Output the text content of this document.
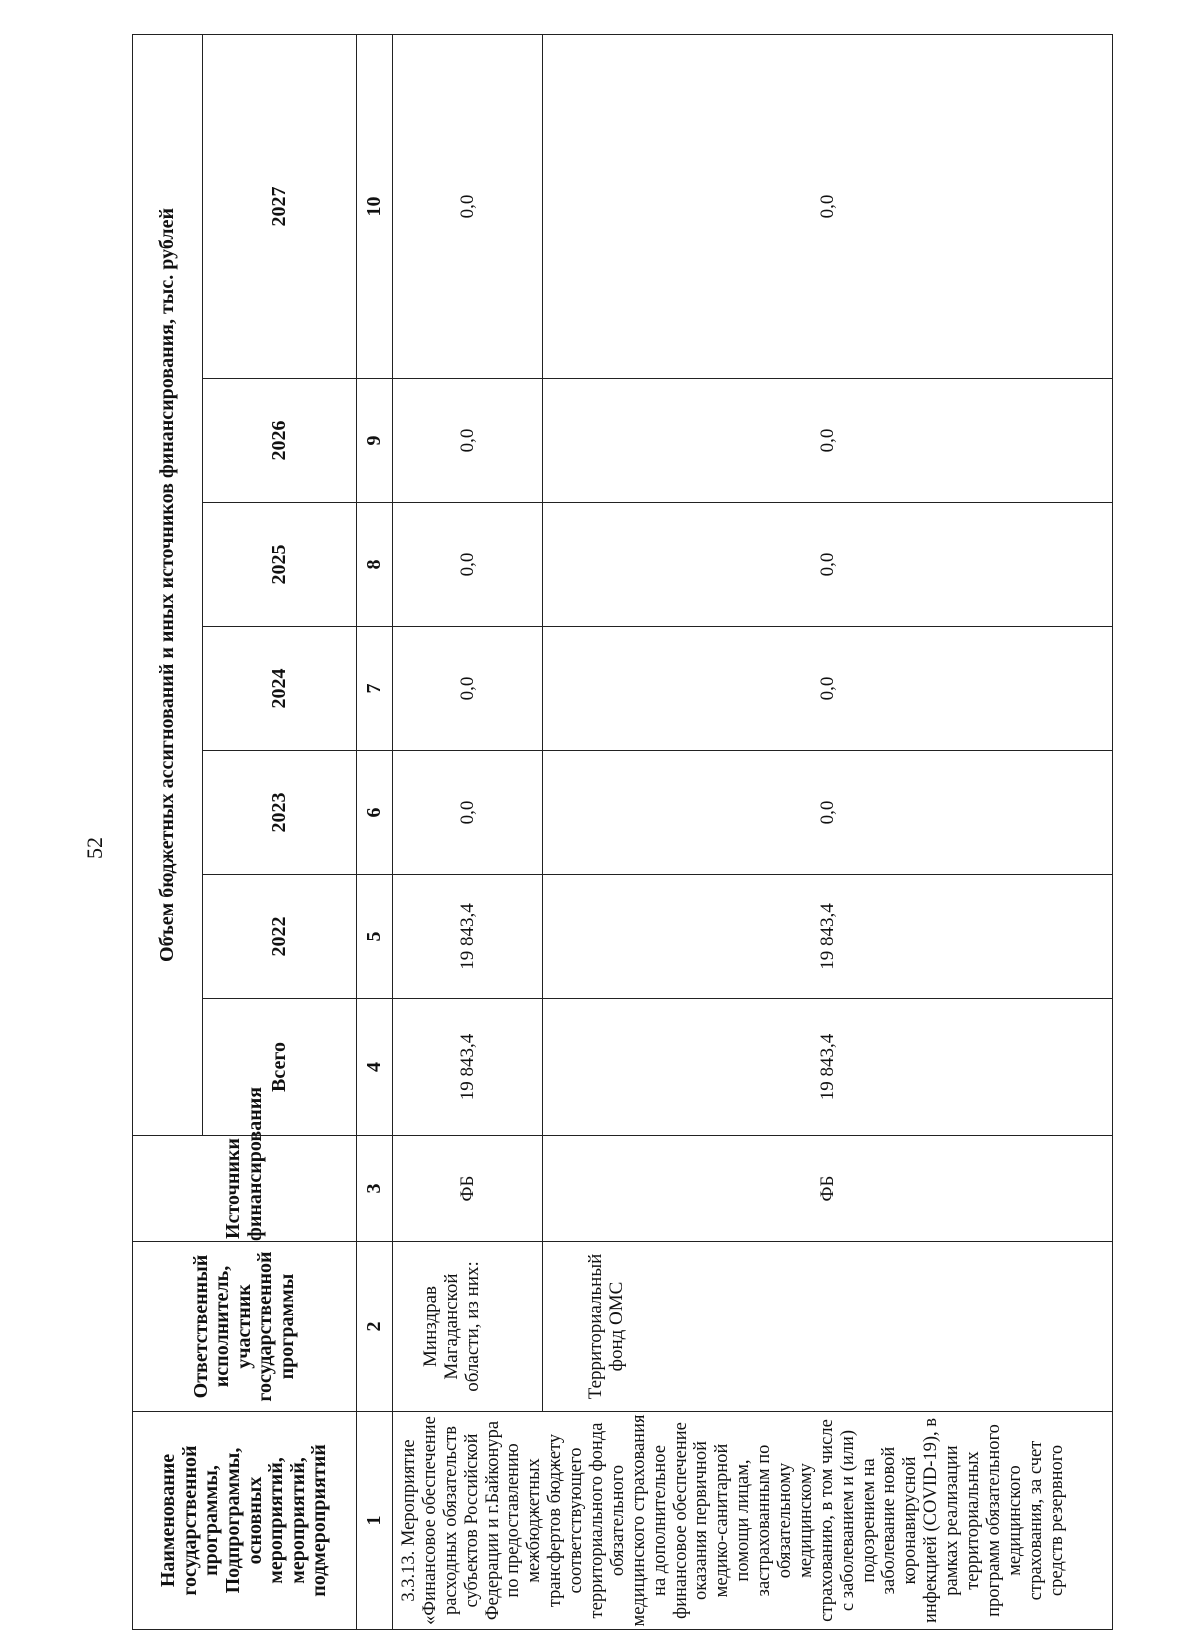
52
Наименование государственной программы, Подпрограммы, основных мероприятий, мероприятий, подмероприятий	Ответственный исполнитель, участник государственной программы	Источники финансирования	Объем бюджетных ассигнований и иных источников финансирования, тыс. рублей						
			Всего	2022	2023	2024	2025	2026	2027
1	2	3	4	5	6	7	8	9	10
3.3.13. Мероприятие «Финансовое обеспечение расходных обязательств субъектов Российской Федерации и г.Байконура по предоставлению межбюджетных трансфертов бюджету соответствующего территориального фонда обязательного медицинского страхования на дополнительное финансовое обеспечение оказания первичной медико-санитарной помощи лицам, застрахованным по обязательному медицинскому страхованию, в том числе с заболеванием и (или) подозрением на заболевание новой коронавирусной инфекцией (COVID-19), в рамках реализации территориальных программ обязательного медицинского страхования, за счет средств резервного	Минздрав Магаданской области, из них:	ФБ	19 843,4	19 843,4	0,0	0,0	0,0	0,0	0,0
	Территориальный фонд ОМС	ФБ	19 843,4	19 843,4	0,0	0,0	0,0	0,0	0,0
